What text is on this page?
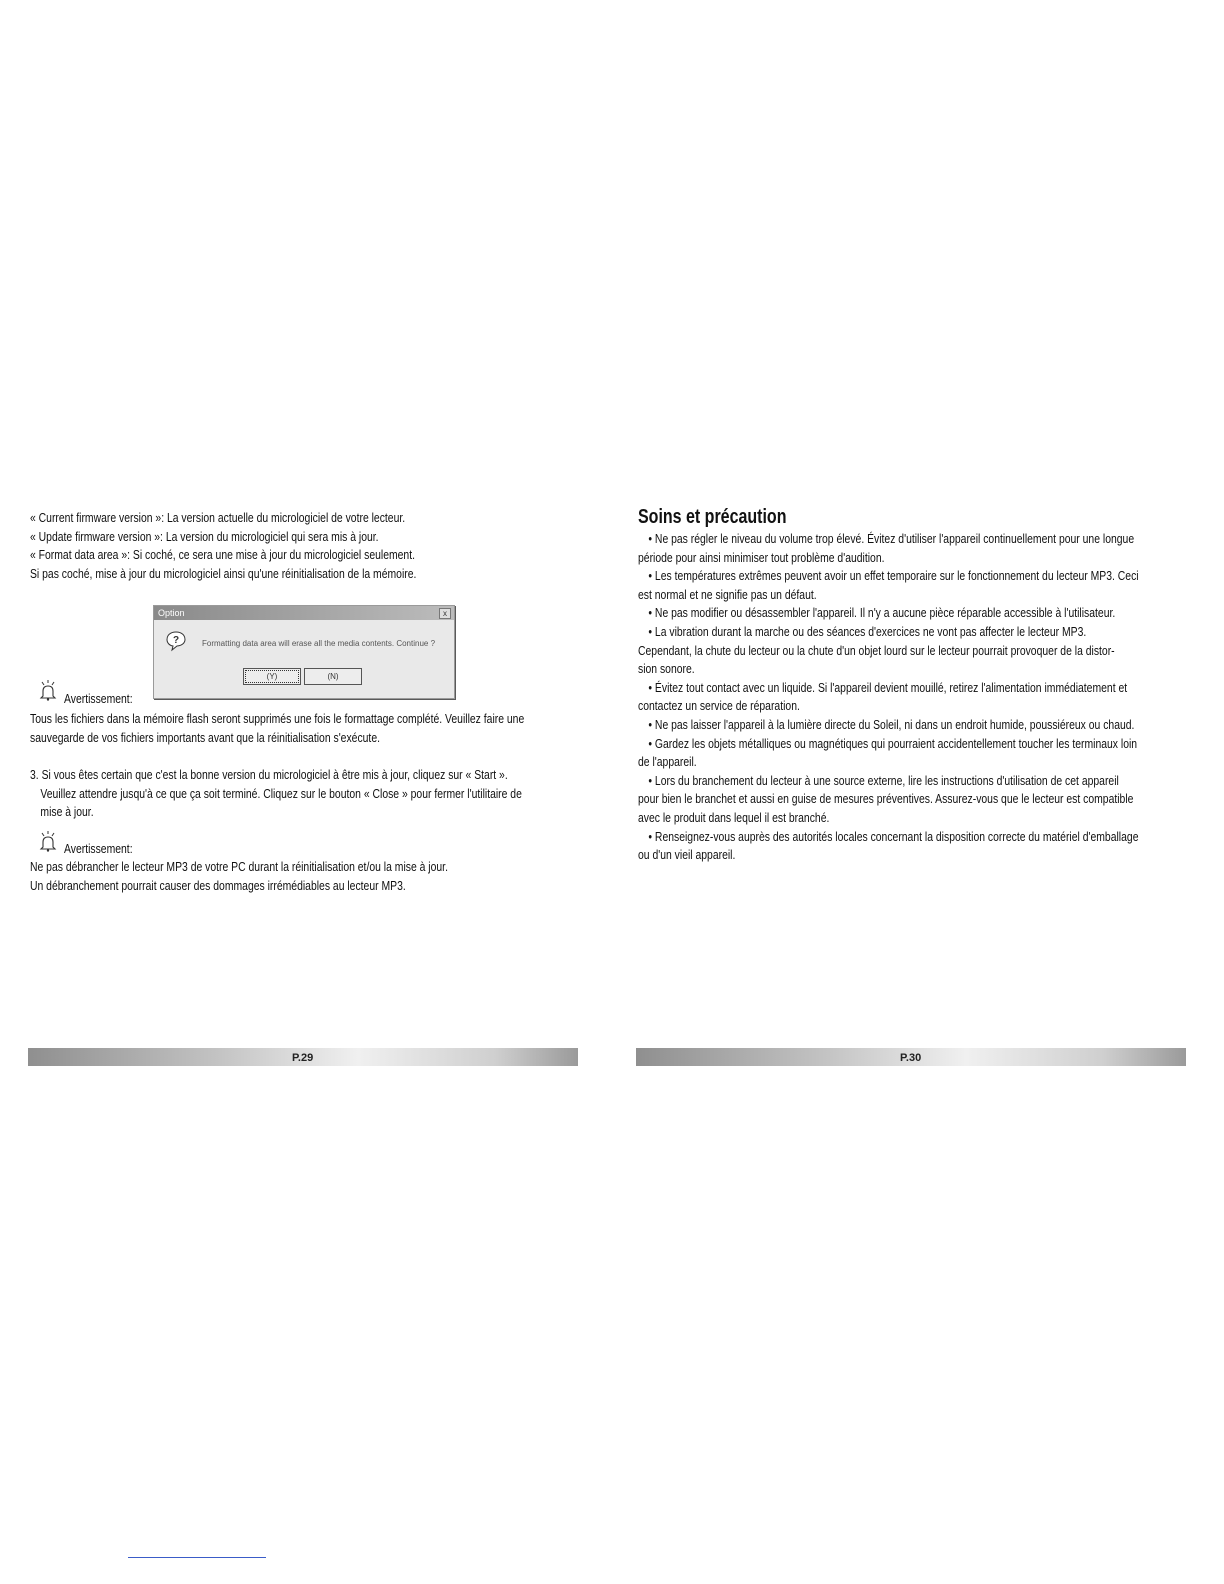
« Current firmware version »: La version actuelle du micrologiciel de votre lecteur.

« Update firmware version »: La version du micrologiciel qui sera mis à jour.

« Format data area »: Si coché, ce sera une mise à jour du micrologiciel seulement.

Si pas coché, mise à jour du micrologiciel ainsi qu'une réinitialisation de la mémoire.

Option	x
?	Formatting data area will erase all the media contents. Continue ?
(Y)	(N)
Avertissement:

Tous les fichiers dans la mémoire flash seront supprimés une fois le formattage complété. Veuillez faire une

sauvegarde de vos fichiers importants avant que la réinitialisation s'exécute.

3. Si vous êtes certain que c'est la bonne version du micrologiciel à être mis à jour, cliquez sur « Start ».

Veuillez attendre jusqu'à ce que ça soit terminé. Cliquez sur le bouton « Close » pour fermer l'utilitaire de

mise à jour.

Avertissement:

Ne pas débrancher le lecteur MP3 de votre PC durant la réinitialisation et/ou la mise à jour.

Un débranchement pourrait causer des dommages irrémédiables au lecteur MP3.

P.29
Soins et précaution

• Ne pas régler le niveau du volume trop élevé. Évitez d'utiliser l'appareil continuellement pour une longue

période pour ainsi minimiser tout problème d'audition.

• Les températures extrêmes peuvent avoir un effet temporaire sur le fonctionnement du lecteur MP3. Ceci

est normal et ne signifie pas un défaut.

• Ne pas modifier ou désassembler l'appareil. Il n'y a aucune pièce réparable accessible à l'utilisateur.

• La vibration durant la marche ou des séances d'exercices ne vont pas affecter le lecteur MP3.

Cependant, la chute du lecteur ou la chute d'un objet lourd sur le lecteur pourrait provoquer de la distor-

sion sonore.

• Évitez tout contact avec un liquide. Si l'appareil devient mouillé, retirez l'alimentation immédiatement et

contactez un service de réparation.

• Ne pas laisser l'appareil à la lumière directe du Soleil, ni dans un endroit humide, poussiéreux ou chaud.

• Gardez les objets métalliques ou magnétiques qui pourraient accidentellement toucher les terminaux loin

de l'appareil.

• Lors du branchement du lecteur à une source externe, lire les instructions d'utilisation de cet appareil

pour bien le branchet et aussi en guise de mesures préventives. Assurez-vous que le lecteur est compatible

avec le produit dans lequel il est branché.

• Renseignez-vous auprès des autorités locales concernant la disposition correcte du matériel d'emballage

ou d'un vieil appareil.

P.30
